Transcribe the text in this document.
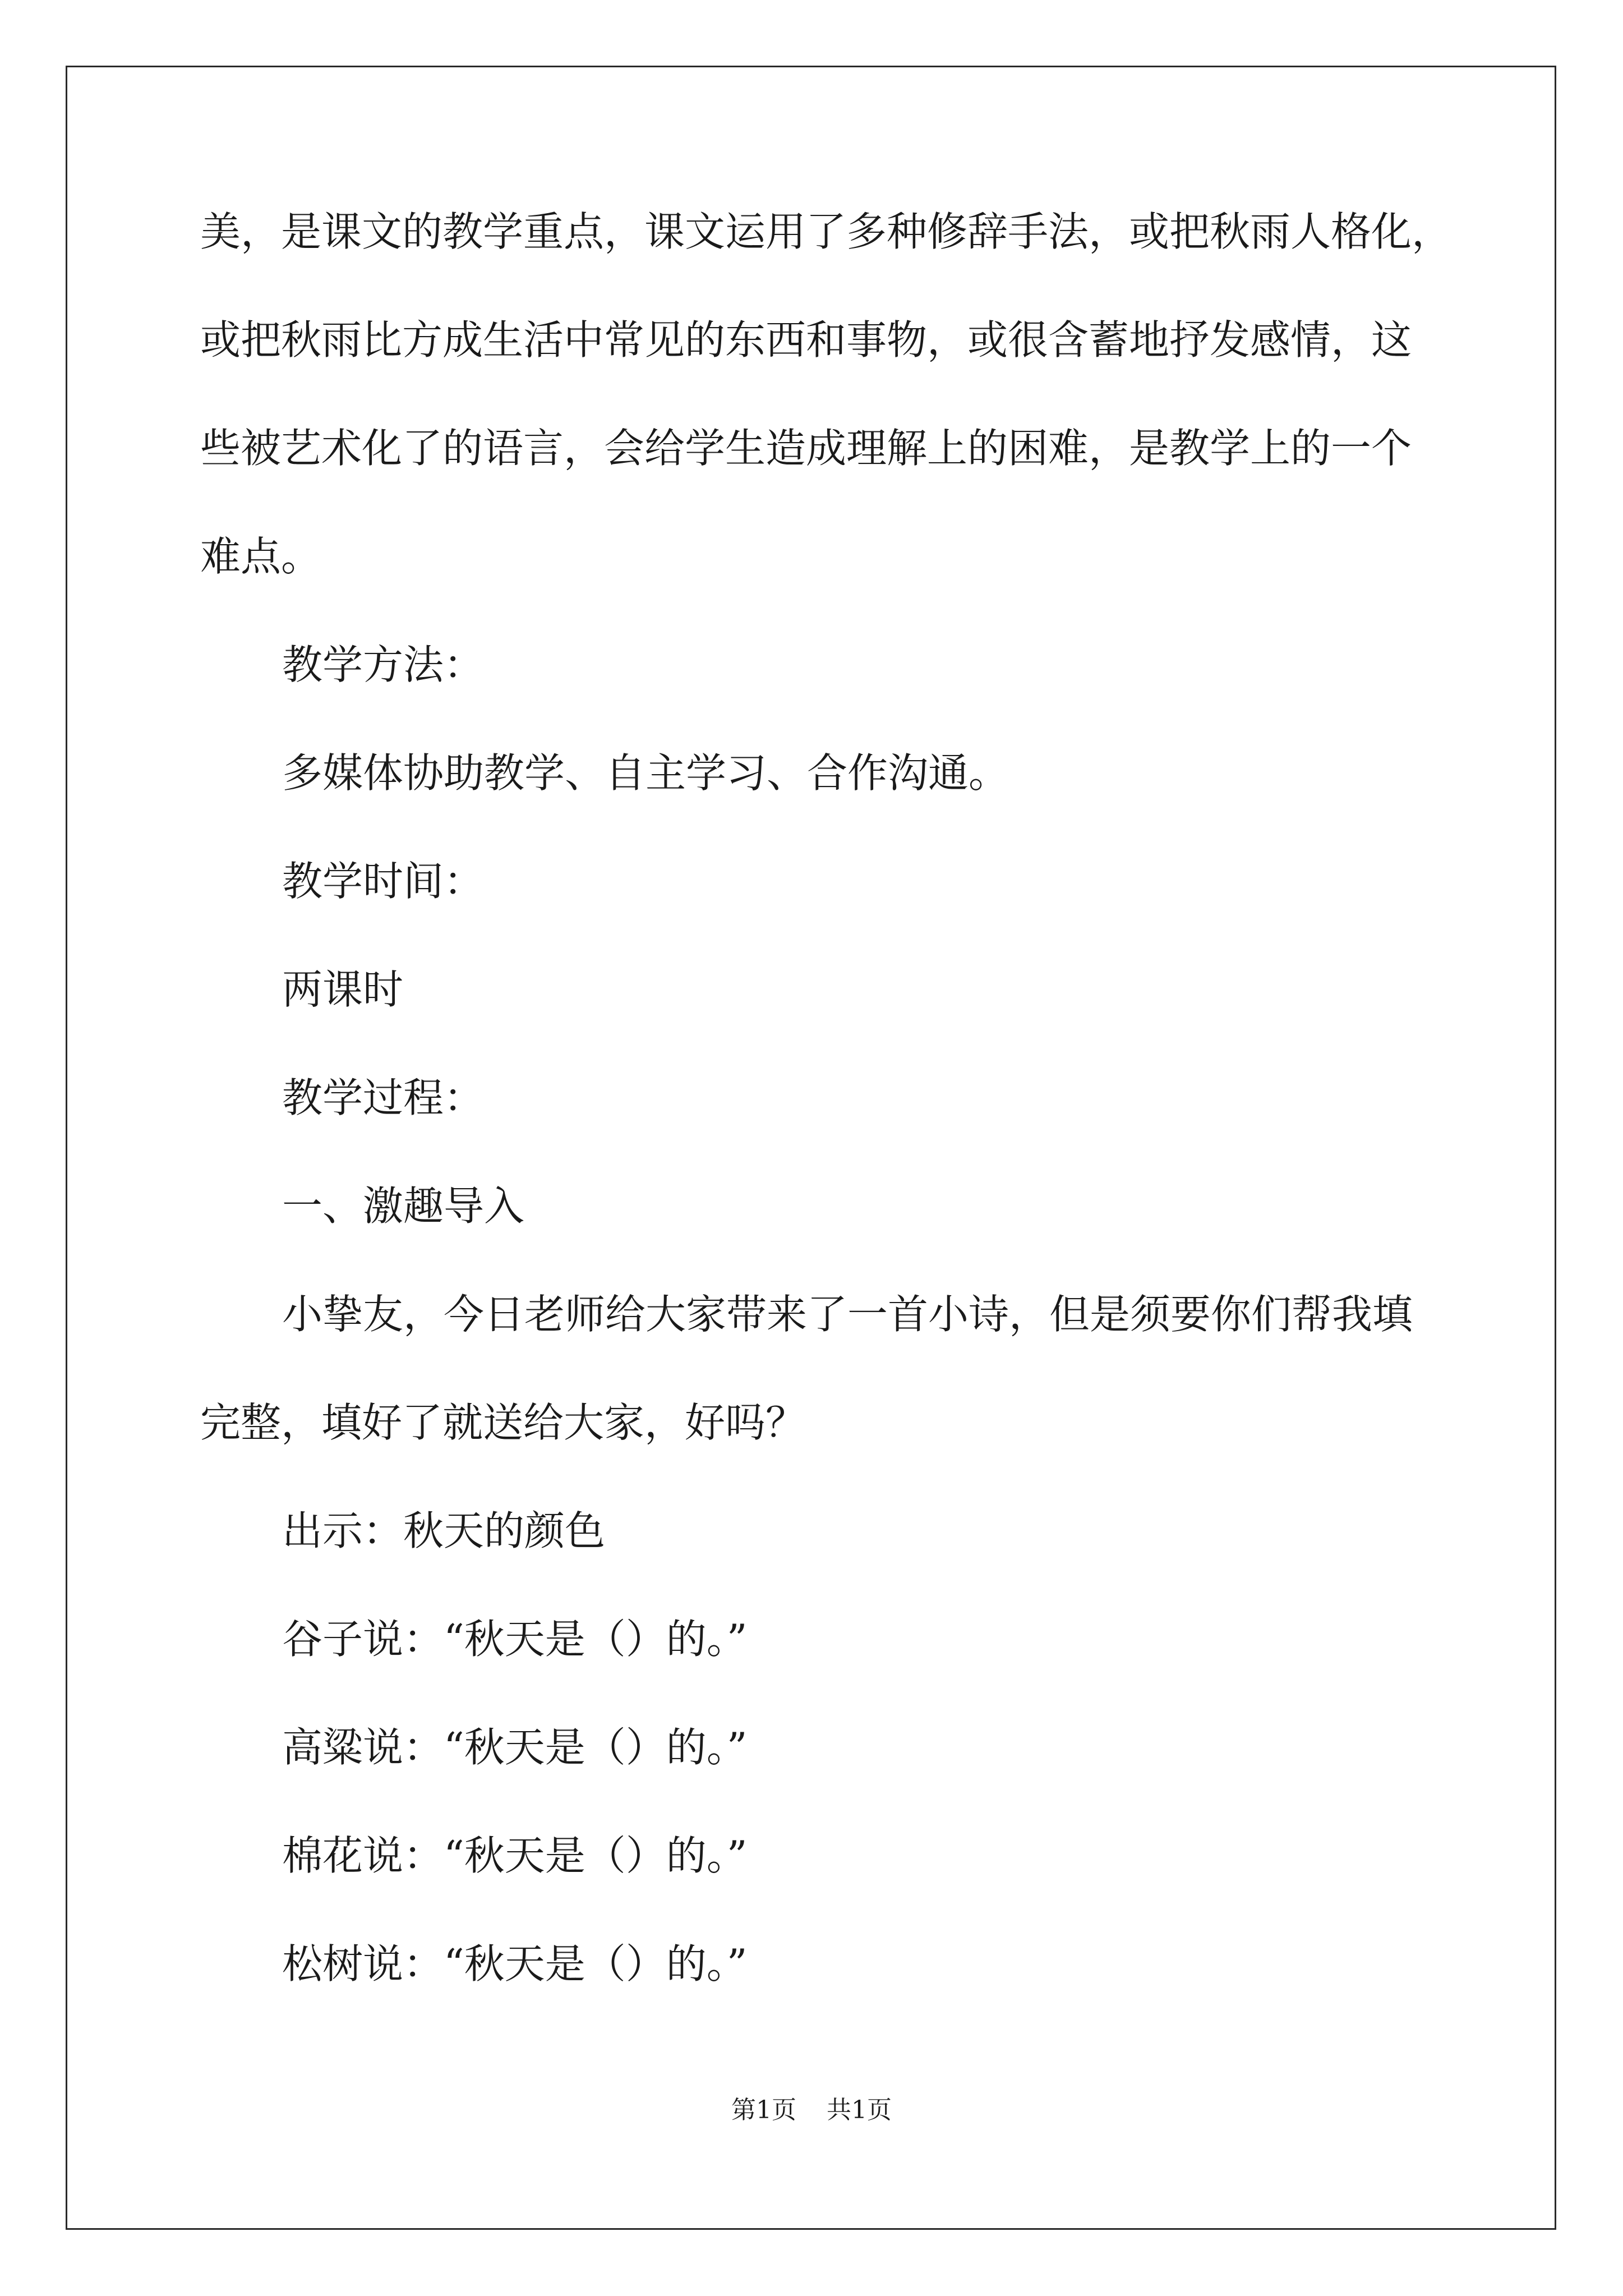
美，是课文的教学重点，课文运用了多种修辞手法，或把秋雨人格化，
或把秋雨比方成生活中常见的东西和事物，或很含蓄地抒发感情，这
些被艺术化了的语言，会给学生造成理解上的困难，是教学上的一个
难点。
教学方法：
多媒体协助教学、自主学习、合作沟通。
教学时间：
两课时
教学过程：
一、激趣导入
小挚友，今日老师给大家带来了一首小诗，但是须要你们帮我填
完整，填好了就送给大家，好吗？
出示：秋天的颜色
谷子说：“秋天是（）的。”
高粱说：“秋天是（）的。”
棉花说：“秋天是（）的。”
松树说：“秋天是（）的。”
第1页 共1页
